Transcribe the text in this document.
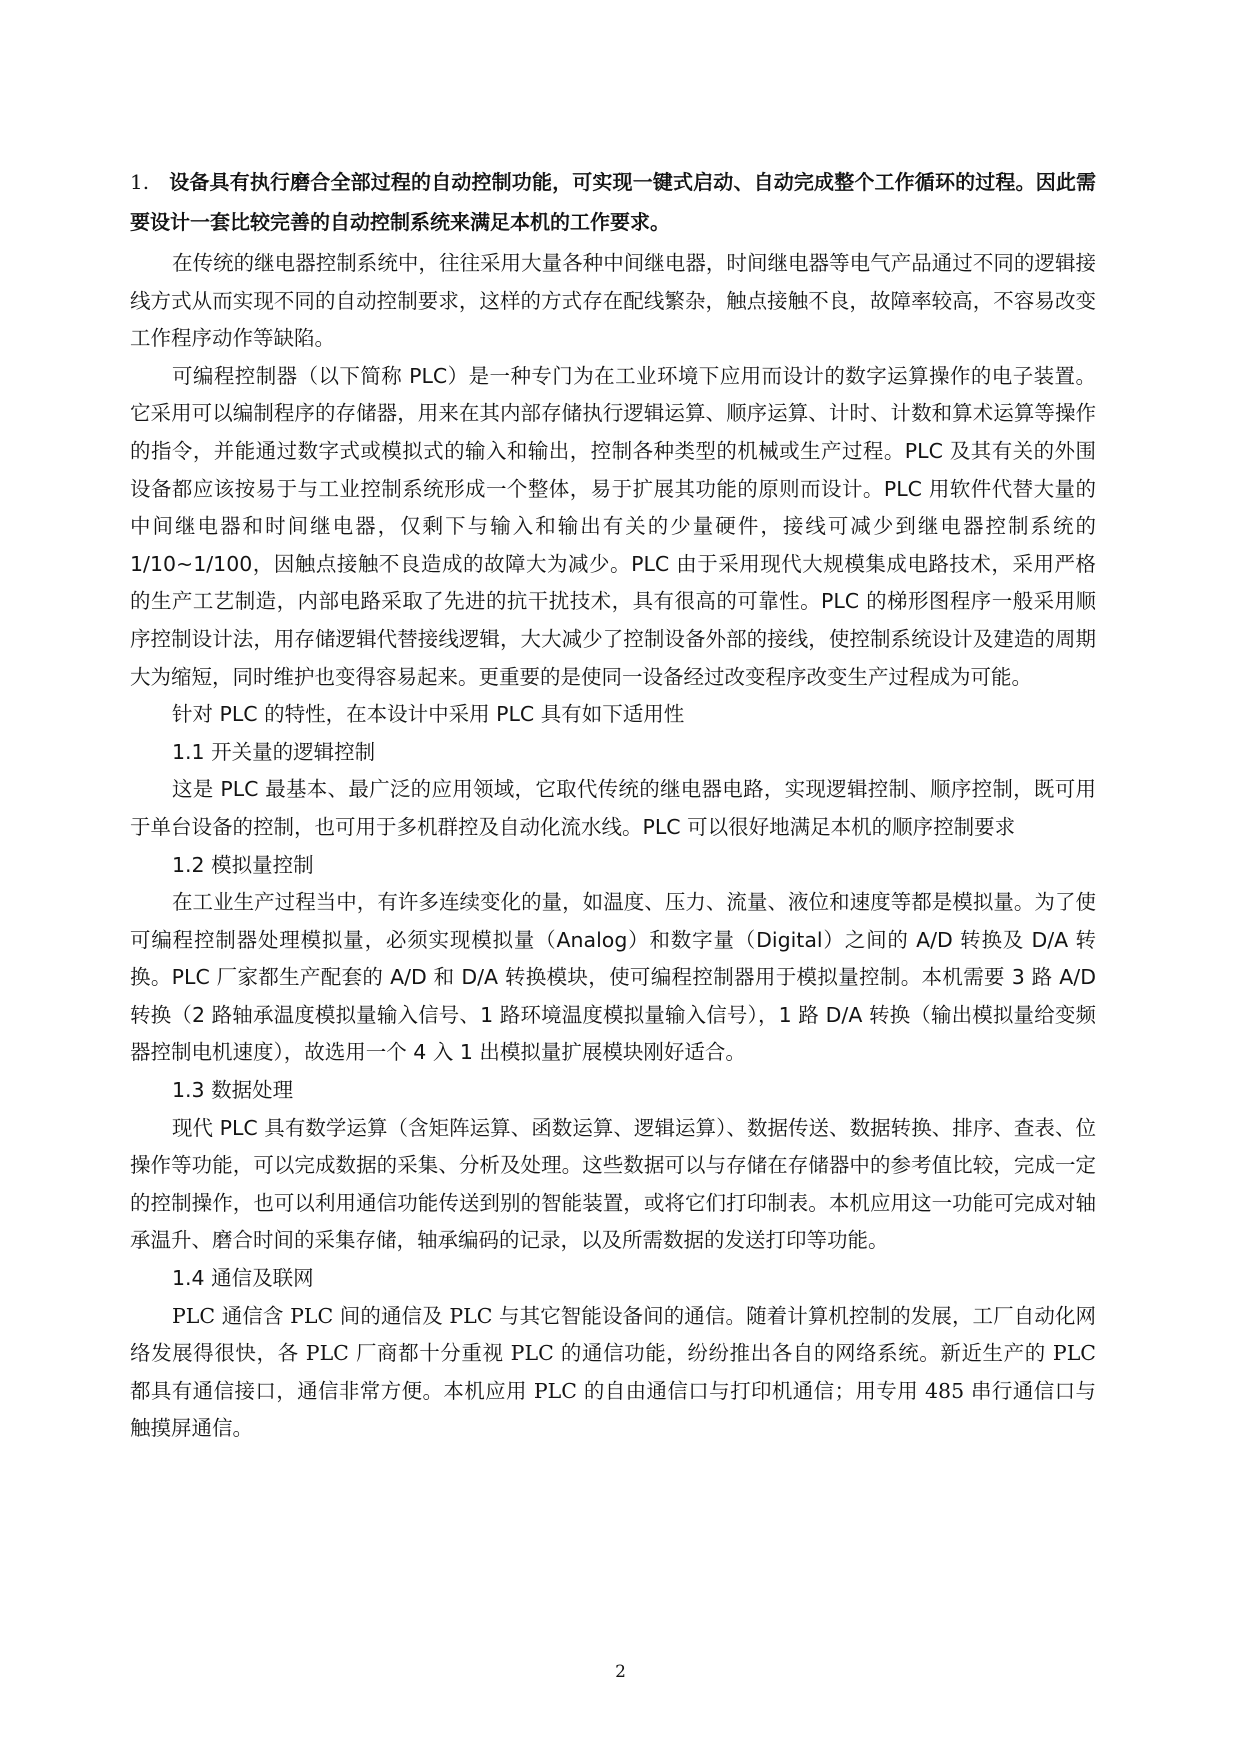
1. 设备具有执行磨合全部过程的自动控制功能，可实现一键式启动、自动完成整个工作循环的过程。因此需要设计一套比较完善的自动控制系统来满足本机的工作要求。

在传统的继电器控制系统中，往往采用大量各种中间继电器，时间继电器等电气产品通过不同的逻辑接线方式从而实现不同的自动控制要求，这样的方式存在配线繁杂，触点接触不良，故障率较高，不容易改变工作程序动作等缺陷。

可编程控制器（以下简称 PLC）是一种专门为在工业环境下应用而设计的数字运算操作的电子装置。它采用可以编制程序的存储器，用来在其内部存储执行逻辑运算、顺序运算、计时、计数和算术运算等操作的指令，并能通过数字式或模拟式的输入和输出，控制各种类型的机械或生产过程。PLC 及其有关的外围设备都应该按易于与工业控制系统形成一个整体，易于扩展其功能的原则而设计。PLC 用软件代替大量的中间继电器和时间继电器，仅剩下与输入和输出有关的少量硬件，接线可减少到继电器控制系统的 1/10~1/100，因触点接触不良造成的故障大为减少。PLC 由于采用现代大规模集成电路技术，采用严格的生产工艺制造，内部电路采取了先进的抗干扰技术，具有很高的可靠性。PLC 的梯形图程序一般采用顺序控制设计法，用存储逻辑代替接线逻辑，大大减少了控制设备外部的接线，使控制系统设计及建造的周期大为缩短，同时维护也变得容易起来。更重要的是使同一设备经过改变程序改变生产过程成为可能。

针对 PLC 的特性，在本设计中采用 PLC 具有如下适用性

1.1 开关量的逻辑控制

这是 PLC 最基本、最广泛的应用领域，它取代传统的继电器电路，实现逻辑控制、顺序控制，既可用于单台设备的控制，也可用于多机群控及自动化流水线。PLC 可以很好地满足本机的顺序控制要求

1.2 模拟量控制

在工业生产过程当中，有许多连续变化的量，如温度、压力、流量、液位和速度等都是模拟量。为了使可编程控制器处理模拟量，必须实现模拟量（Analog）和数字量（Digital）之间的 A/D 转换及 D/A 转换。PLC 厂家都生产配套的 A/D 和 D/A 转换模块，使可编程控制器用于模拟量控制。本机需要 3 路 A/D 转换（2 路轴承温度模拟量输入信号、1 路环境温度模拟量输入信号），1 路 D/A 转换（输出模拟量给变频器控制电机速度），故选用一个 4 入 1 出模拟量扩展模块刚好适合。

1.3 数据处理

现代 PLC 具有数学运算（含矩阵运算、函数运算、逻辑运算）、数据传送、数据转换、排序、查表、位操作等功能，可以完成数据的采集、分析及处理。这些数据可以与存储在存储器中的参考值比较，完成一定的控制操作，也可以利用通信功能传送到别的智能装置，或将它们打印制表。本机应用这一功能可完成对轴承温升、磨合时间的采集存储，轴承编码的记录，以及所需数据的发送打印等功能。

1.4 通信及联网

PLC 通信含 PLC 间的通信及 PLC 与其它智能设备间的通信。随着计算机控制的发展，工厂自动化网络发展得很快，各 PLC 厂商都十分重视 PLC 的通信功能，纷纷推出各自的网络系统。新近生产的 PLC 都具有通信接口，通信非常方便。本机应用 PLC 的自由通信口与打印机通信；用专用 485 串行通信口与触摸屏通信。

2
